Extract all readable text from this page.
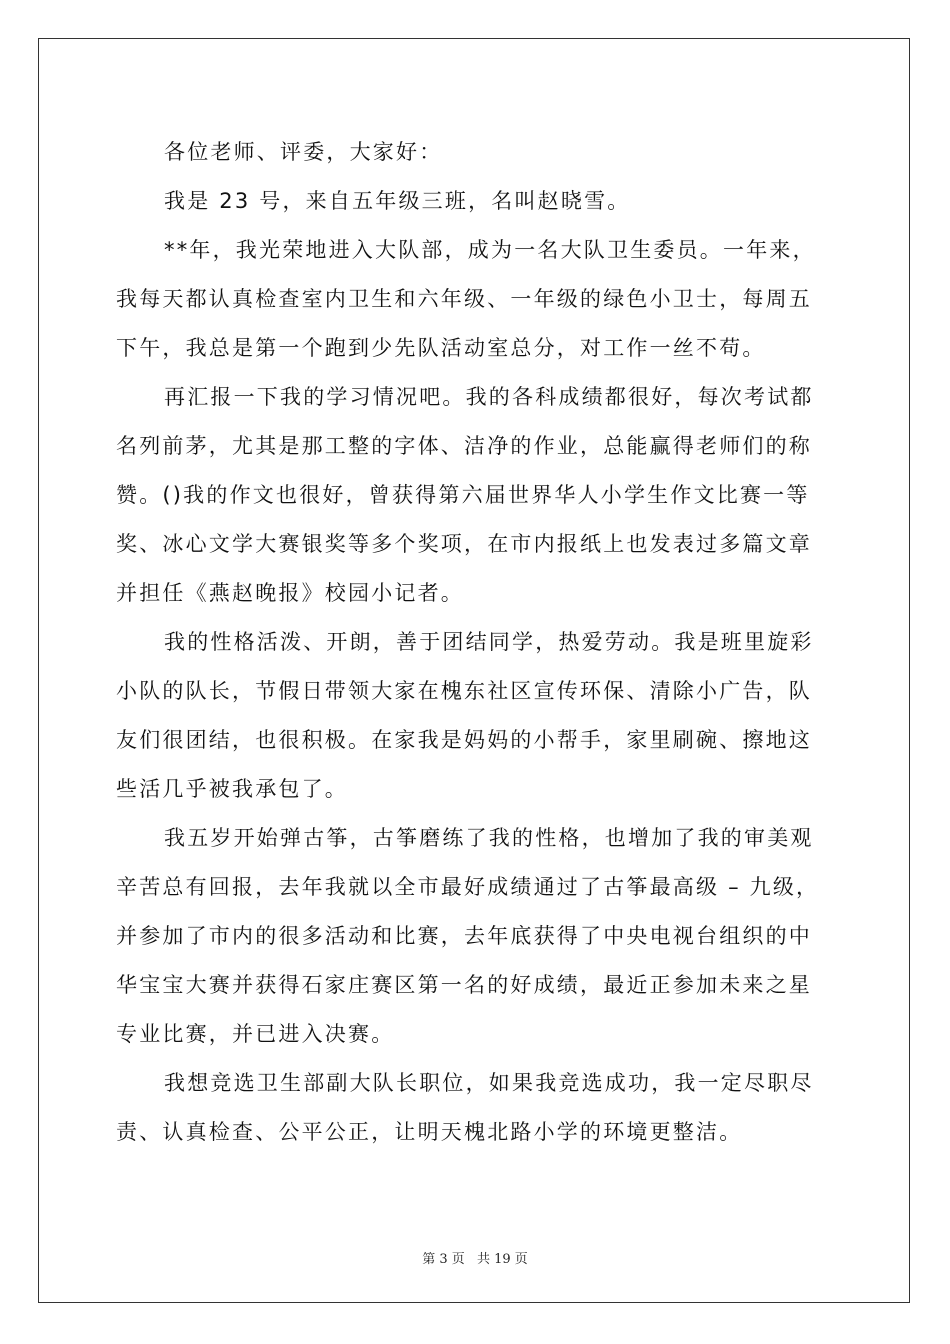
各位老师、评委，大家好：
我是 23 号，来自五年级三班，名叫赵晓雪。
**年，我光荣地进入大队部，成为一名大队卫生委员。一年来，
我每天都认真检查室内卫生和六年级、一年级的绿色小卫士，每周五
下午，我总是第一个跑到少先队活动室总分，对工作一丝不苟。
再汇报一下我的学习情况吧。我的各科成绩都很好，每次考试都
名列前茅，尤其是那工整的字体、洁净的作业，总能赢得老师们的称
赞。()我的作文也很好，曾获得第六届世界华人小学生作文比赛一等
奖、冰心文学大赛银奖等多个奖项，在市内报纸上也发表过多篇文章
并担任《燕赵晚报》校园小记者。
我的性格活泼、开朗，善于团结同学，热爱劳动。我是班里旋彩
小队的队长，节假日带领大家在槐东社区宣传环保、清除小广告，队
友们很团结，也很积极。在家我是妈妈的小帮手，家里刷碗、擦地这
些活几乎被我承包了。
我五岁开始弹古筝，古筝磨练了我的性格，也增加了我的审美观
辛苦总有回报，去年我就以全市最好成绩通过了古筝最高级 – 九级，
并参加了市内的很多活动和比赛，去年底获得了中央电视台组织的中
华宝宝大赛并获得石家庄赛区第一名的好成绩，最近正参加未来之星
专业比赛，并已进入决赛。
我想竞选卫生部副大队长职位，如果我竞选成功，我一定尽职尽
责、认真检查、公平公正，让明天槐北路小学的环境更整洁。
第 3 页 共 19 页
